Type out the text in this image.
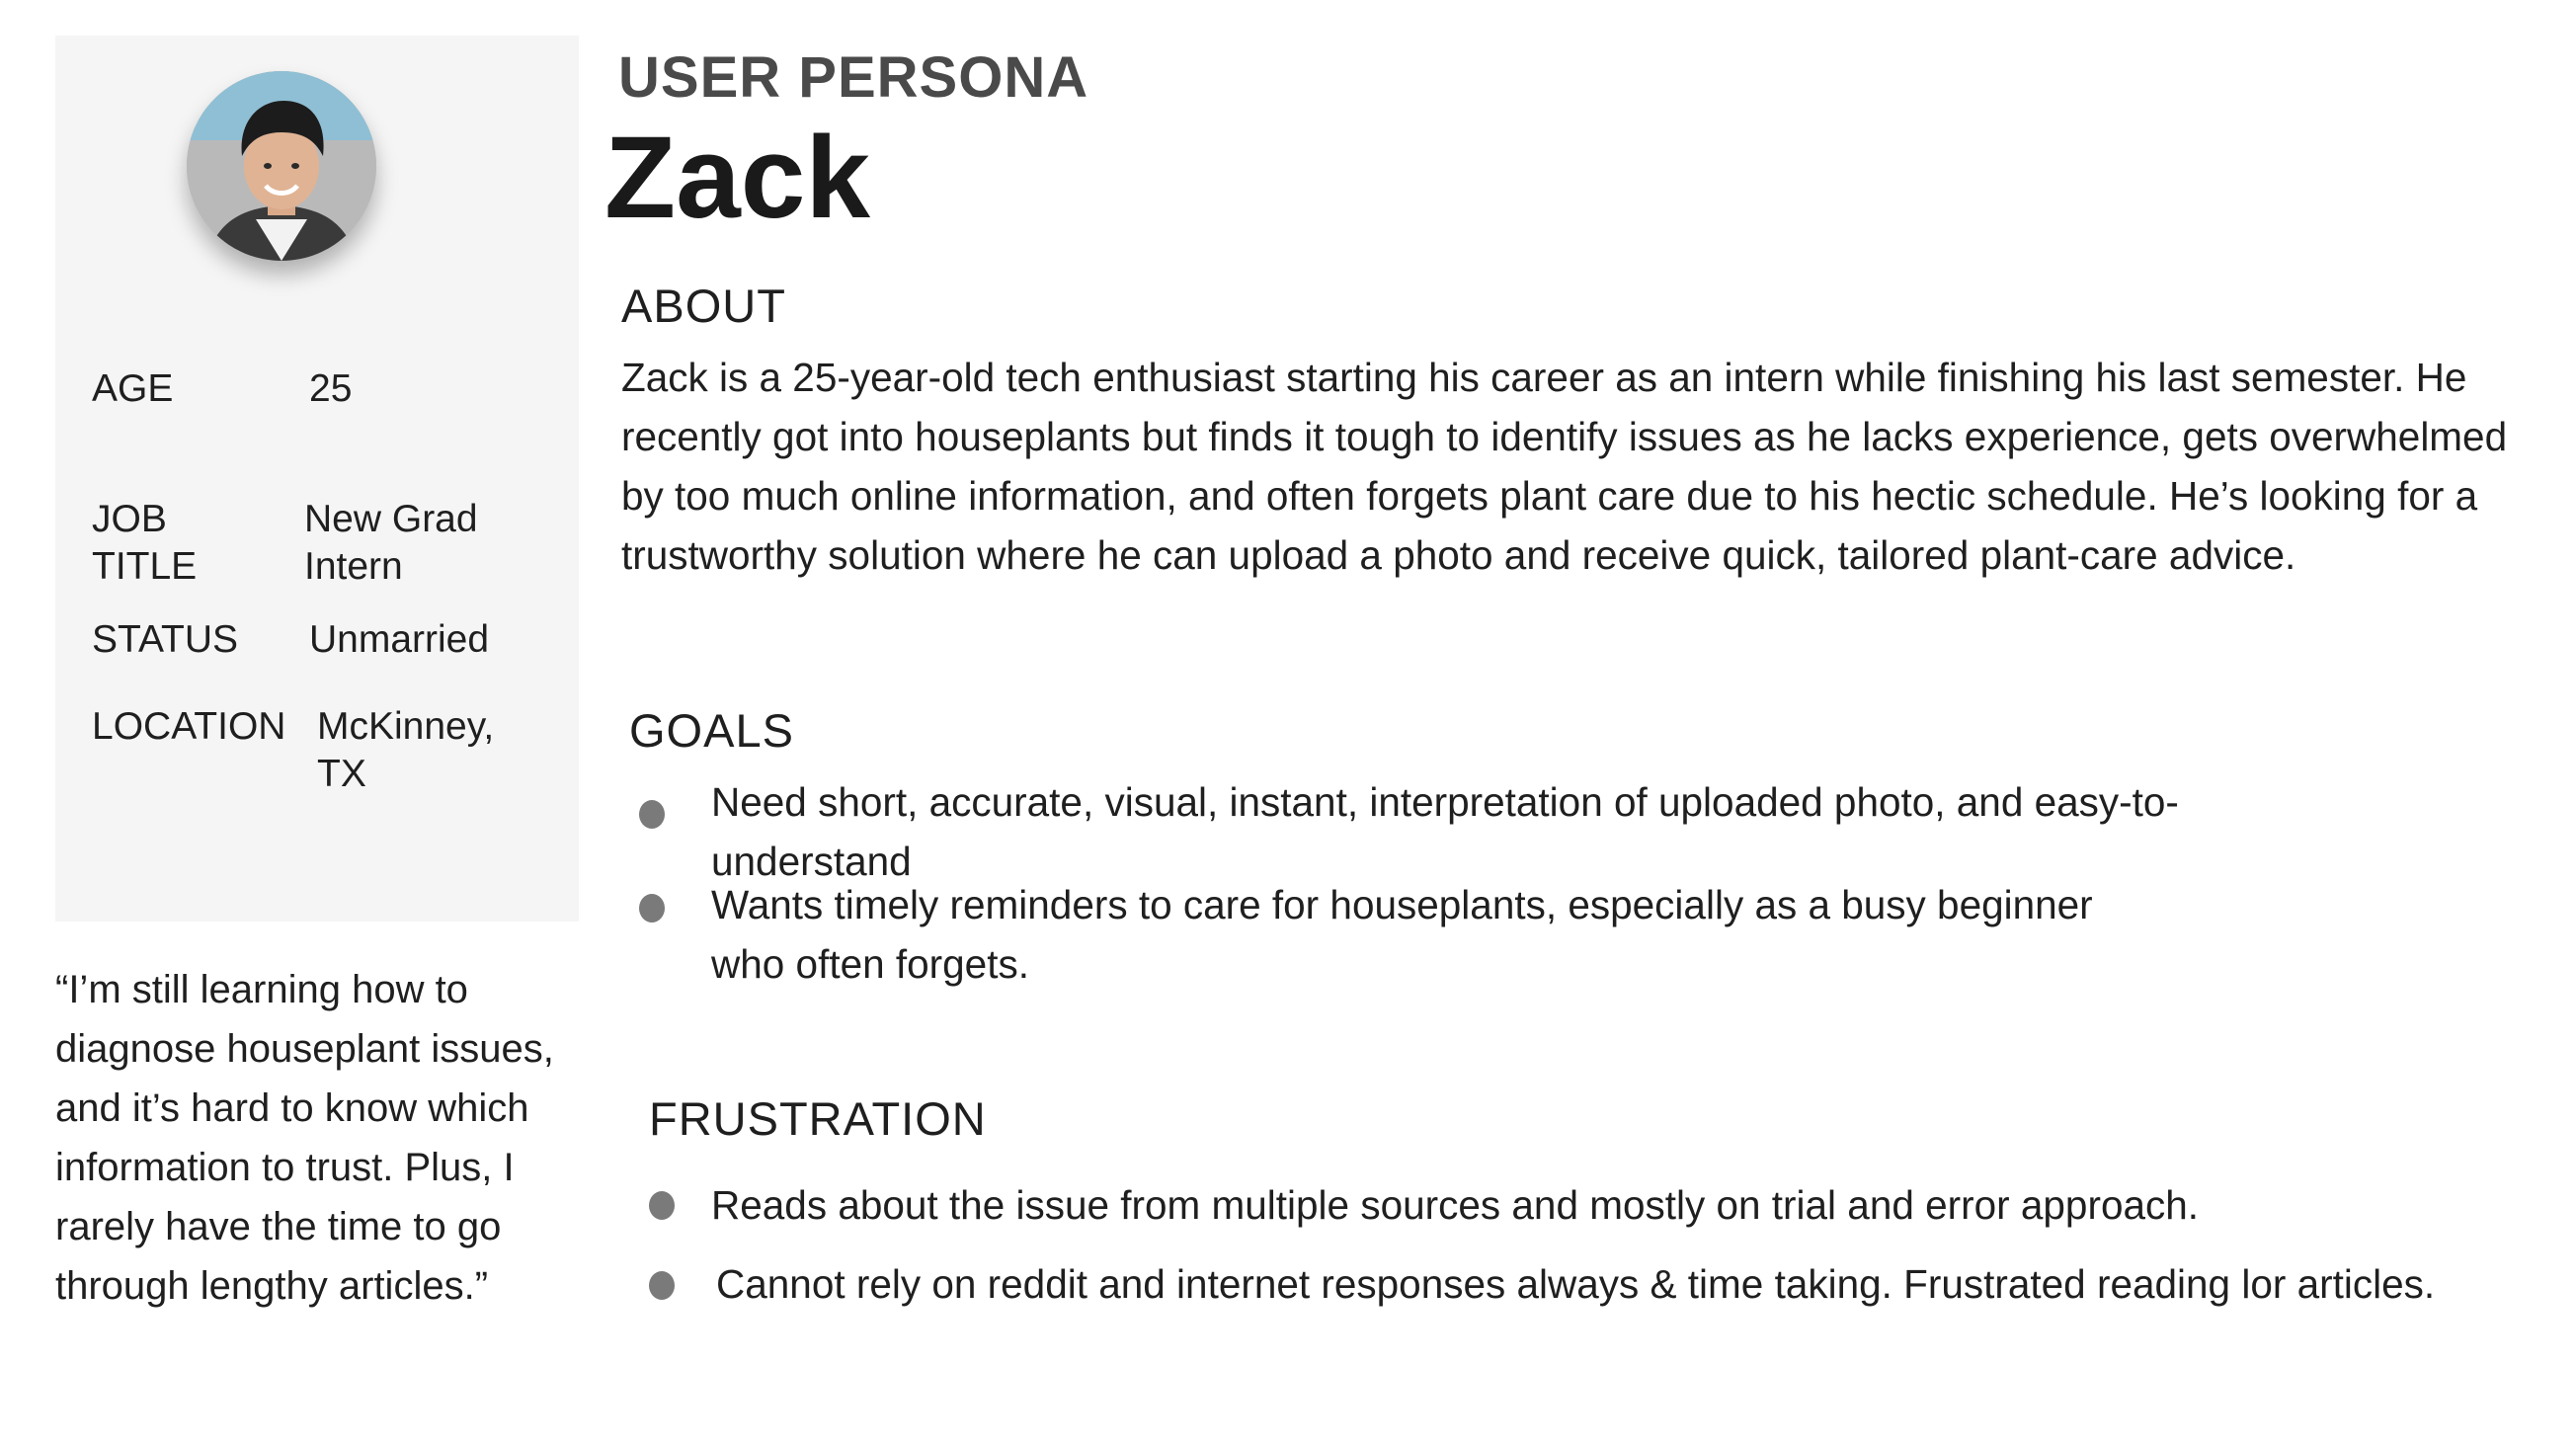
AGE	25
JOB
TITLE
New Grad
Intern
STATUS Unmarried
LOCATION McKinney,
TX
“I’m still learning how to diagnose houseplant issues, and it’s hard to know which information to trust. Plus, I rarely have the time to go through lengthy articles.”
USER PERSONA
Zack
ABOUT
Zack is a 25-year-old tech enthusiast starting his career as an intern while finishing his last semester. He recently got into houseplants but finds it tough to identify issues as he lacks experience, gets overwhelmed by too much online information, and often forgets plant care due to his hectic schedule. He’s looking for a trustworthy solution where he can upload a photo and receive quick, tailored plant-care advice.
GOALS
Need short, accurate, visual, instant, interpretation of uploaded photo, and easy-to-understand
Wants timely reminders to care for houseplants, especially as a busy beginner who often forgets.
FRUSTRATION
Reads about the issue from multiple sources and mostly on trial and error approach.
Cannot rely on reddit and internet responses always & time taking. Frustrated reading lor articles.
